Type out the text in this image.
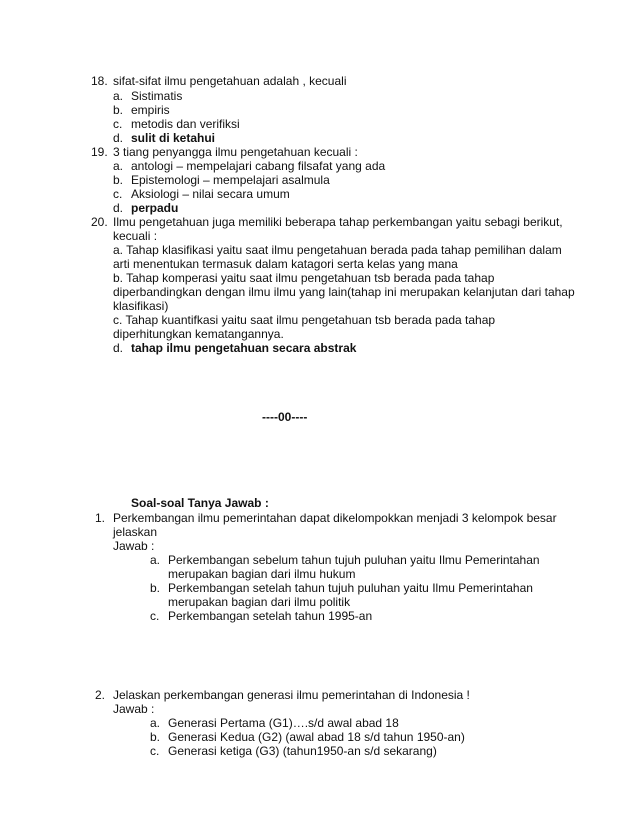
18. sifat-sifat ilmu pengetahuan adalah , kecuali
a. Sistimatis
b. empiris
c. metodis dan verifiksi
d. sulit di ketahui
19. 3 tiang penyangga ilmu pengetahuan kecuali :
a. antologi – mempelajari cabang filsafat yang ada
b. Epistemologi – mempelajari asalmula
c. Aksiologi – nilai secara umum
d. perpadu
20. Ilmu pengetahuan juga memiliki beberapa tahap perkembangan yaitu sebagi berikut,
kecuali :
a. Tahap klasifikasi yaitu saat ilmu pengetahuan berada pada tahap pemilihan dalam
arti menentukan termasuk dalam katagori serta kelas yang mana
b. Tahap komperasi yaitu saat ilmu pengetahuan tsb berada pada tahap
diperbandingkan dengan ilmu ilmu yang lain(tahap ini merupakan kelanjutan dari tahap
klasifikasi)
c. Tahap kuantifkasi yaitu saat ilmu pengetahuan tsb berada pada tahap
diperhitungkan kematangannya.
d. tahap ilmu pengetahuan secara abstrak
----00----
Soal-soal Tanya Jawab :
1. Perkembangan ilmu pemerintahan dapat dikelompokkan menjadi 3 kelompok besar
jelaskan
Jawab :
a. Perkembangan sebelum tahun tujuh puluhan yaitu Ilmu Pemerintahan
merupakan bagian dari ilmu hukum
b. Perkembangan setelah tahun tujuh puluhan yaitu Ilmu Pemerintahan
merupakan bagian dari ilmu politik
c. Perkembangan setelah tahun 1995-an
2. Jelaskan perkembangan generasi ilmu pemerintahan di Indonesia !
Jawab :
a. Generasi Pertama (G1)….s/d awal abad 18
b. Generasi Kedua (G2) (awal abad 18 s/d tahun 1950-an)
c. Generasi ketiga (G3) (tahun1950-an s/d sekarang)
